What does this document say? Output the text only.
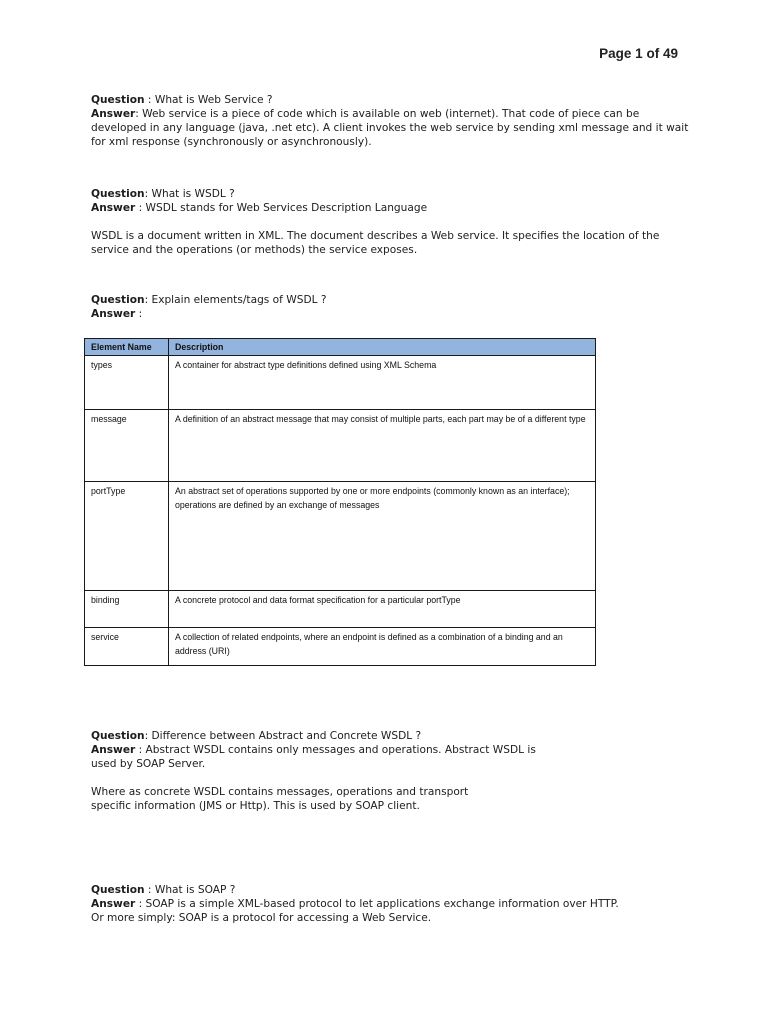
Page 1 of 49

Question : What is Web Service ?

Answer: Web service is a piece of code which is available on web (internet). That code of piece can be developed in any language (java, .net etc). A client invokes the web service by sending xml message and it wait for xml response (synchronously or asynchronously).

Question: What is WSDL ?

Answer : WSDL stands for Web Services Description Language

WSDL is a document written in XML. The document describes a Web service. It specifies the location of the service and the operations (or methods) the service exposes.

Question: Explain elements/tags of WSDL ?

Answer :

Element Name	Description
types	A container for abstract type definitions defined using XML Schema
message	A definition of an abstract message that may consist of multiple parts, each part may be of a different type
portType	An abstract set of operations supported by one or more endpoints (commonly known as an interface); operations are defined by an exchange of messages
binding	A concrete protocol and data format specification for a particular portType
service	A collection of related endpoints, where an endpoint is defined as a combination of a binding and an address (URI)

Question: Difference between Abstract and Concrete WSDL ?

Answer : Abstract WSDL contains only messages and operations. Abstract WSDL is

used by SOAP Server.

Where as concrete WSDL contains messages, operations and transport

specific information (JMS or Http). This is used by SOAP client.

Question : What is SOAP ?

Answer : SOAP is a simple XML-based protocol to let applications exchange information over HTTP.

Or more simply: SOAP is a protocol for accessing a Web Service.
